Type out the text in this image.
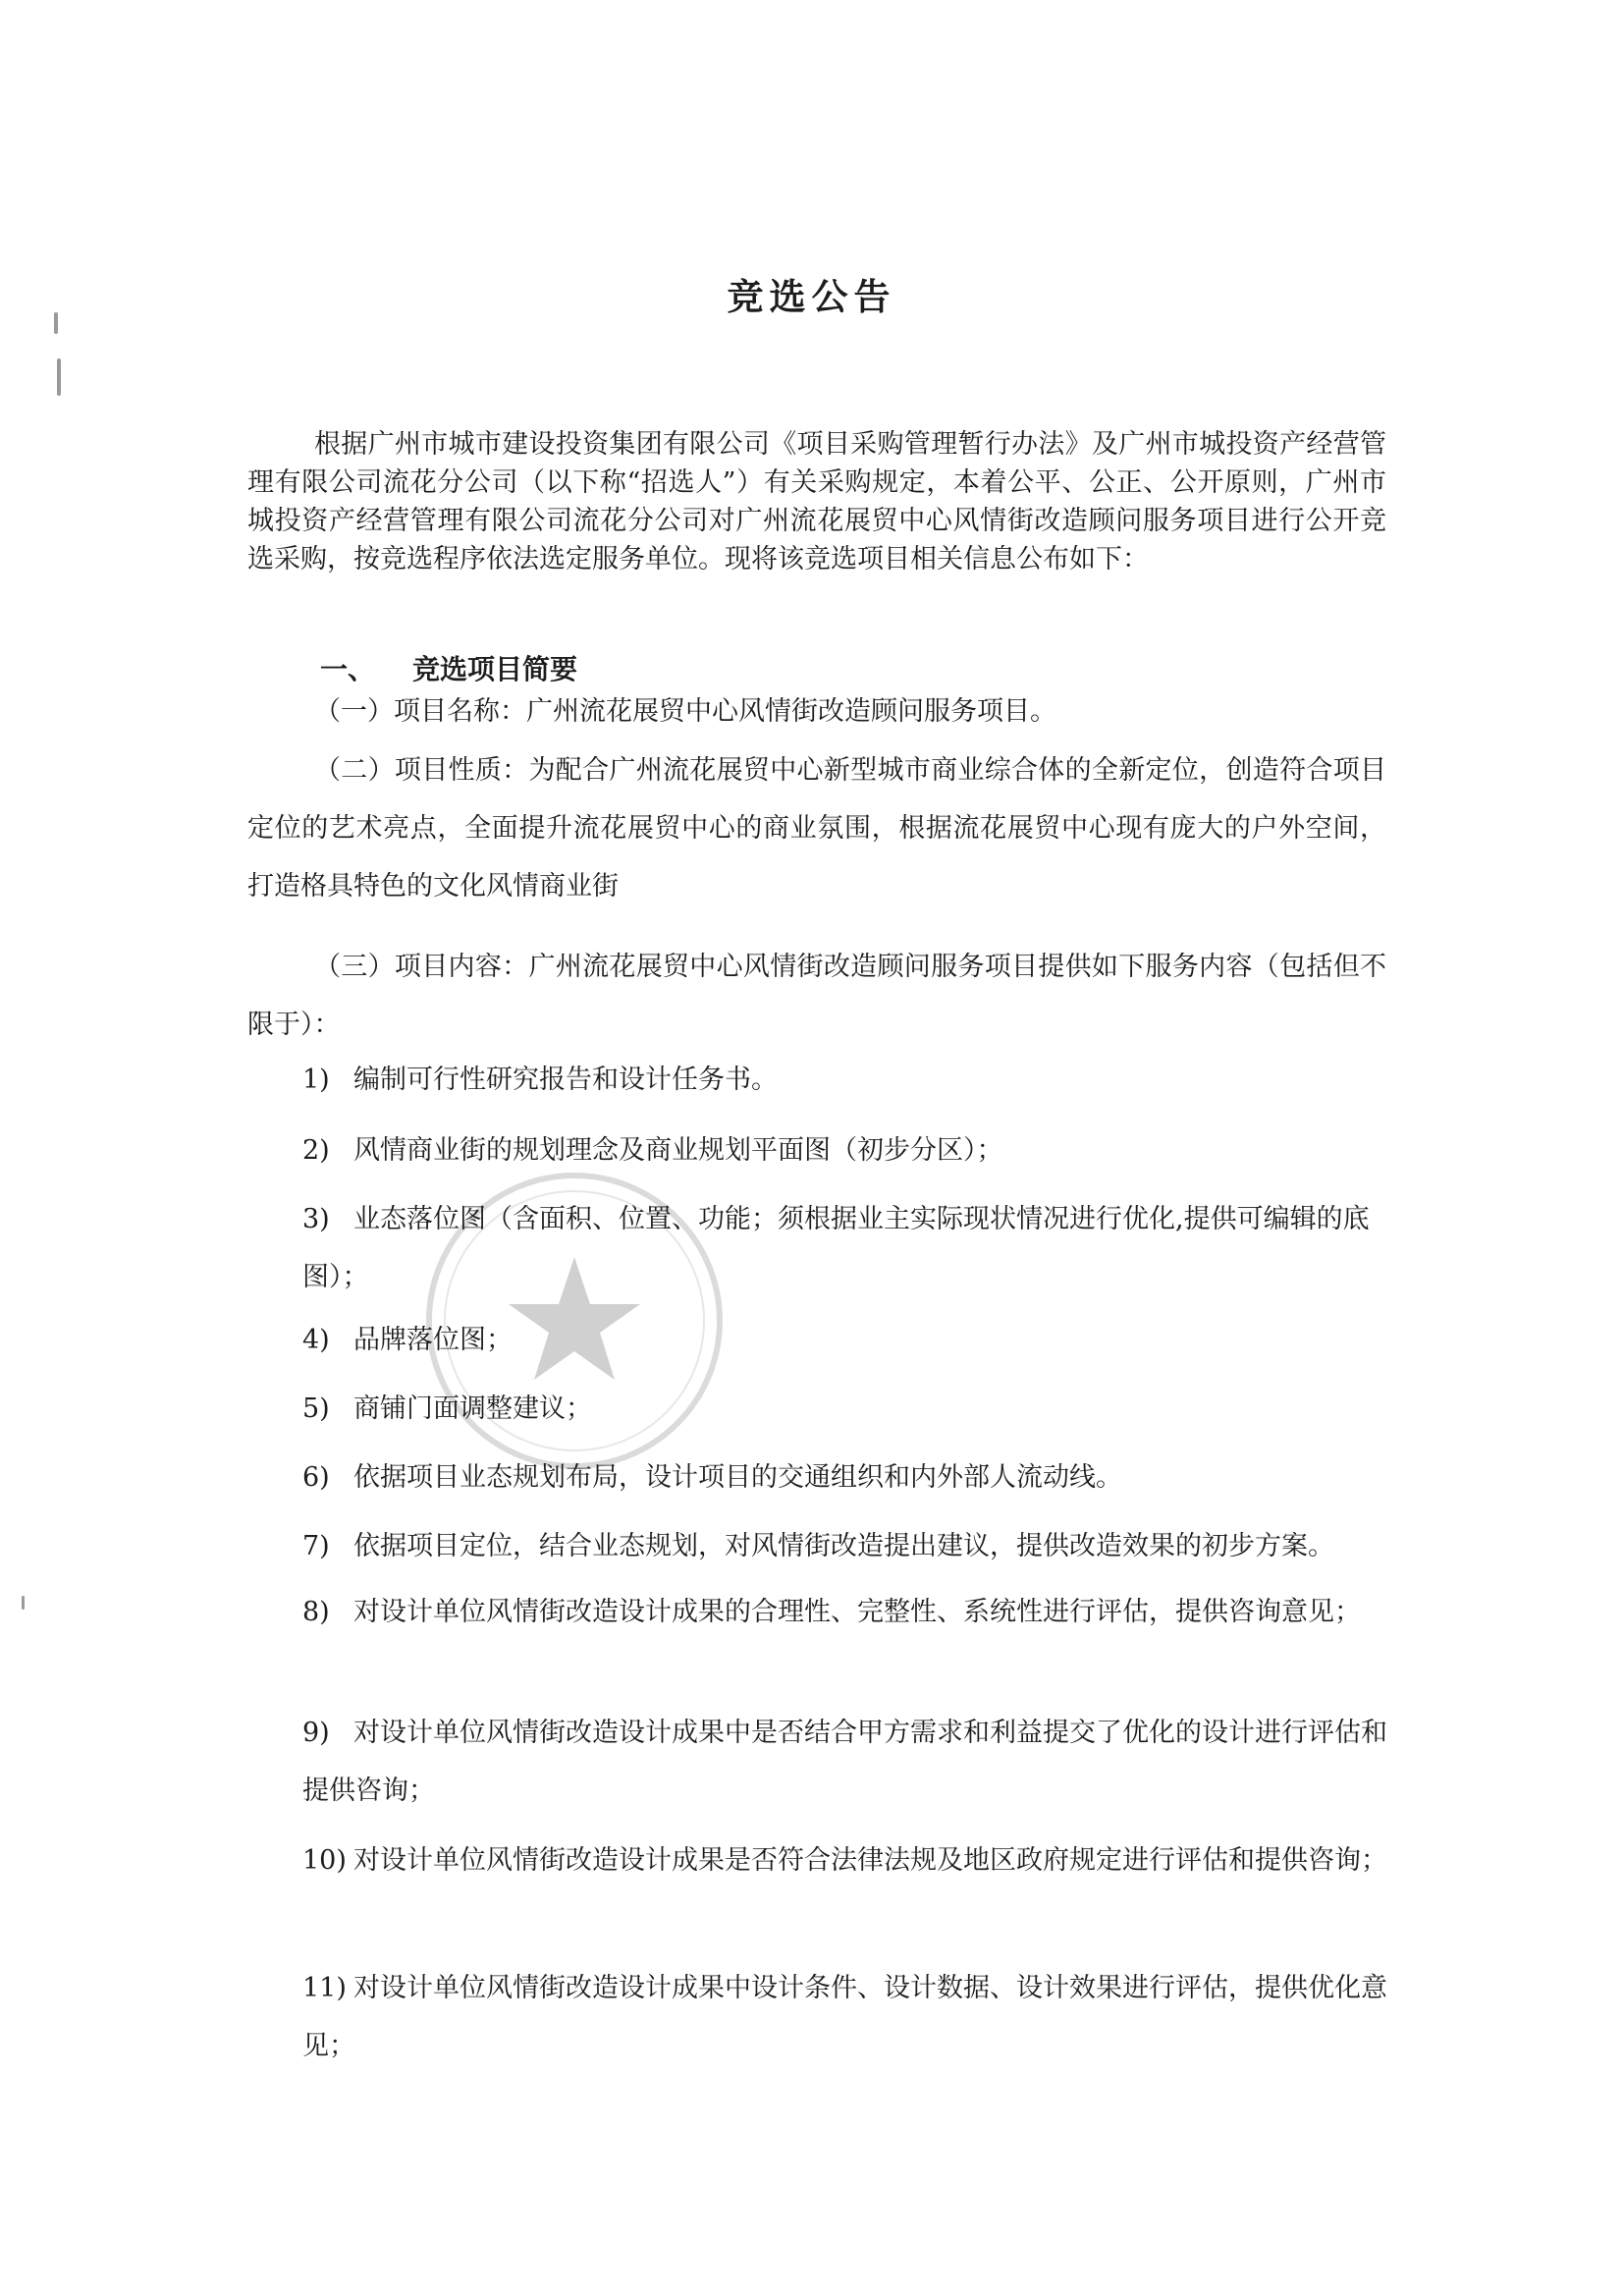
竞选公告
根据广州市城市建设投资集团有限公司《项目采购管理暂行办法》及广州市城投资产经营管理有限公司流花分公司（以下称“招选人”）有关采购规定，本着公平、公正、公开原则，广州市城投资产经营管理有限公司流花分公司对广州流花展贸中心风情街改造顾问服务项目进行公开竞选采购，按竞选程序依法选定服务单位。现将该竞选项目相关信息公布如下：
一、 竞选项目简要
（一）项目名称：广州流花展贸中心风情街改造顾问服务项目。
（二）项目性质：为配合广州流花展贸中心新型城市商业综合体的全新定位，创造符合项目定位的艺术亮点，全面提升流花展贸中心的商业氛围，根据流花展贸中心现有庞大的户外空间，打造格具特色的文化风情商业街
（三）项目内容：广州流花展贸中心风情街改造顾问服务项目提供如下服务内容（包括但不限于）：
1) 编制可行性研究报告和设计任务书。
2) 风情商业街的规划理念及商业规划平面图（初步分区）；
3) 业态落位图（含面积、位置、功能；须根据业主实际现状情况进行优化,提供可编辑的底图）；
4) 品牌落位图；
5) 商铺门面调整建议；
6) 依据项目业态规划布局，设计项目的交通组织和内外部人流动线。
7) 依据项目定位，结合业态规划，对风情街改造提出建议，提供改造效果的初步方案。
8) 对设计单位风情街改造设计成果的合理性、完整性、系统性进行评估，提供咨询意见；
9) 对设计单位风情街改造设计成果中是否结合甲方需求和利益提交了优化的设计进行评估和提供咨询；
10) 对设计单位风情街改造设计成果是否符合法律法规及地区政府规定进行评估和提供咨询；
11) 对设计单位风情街改造设计成果中设计条件、设计数据、设计效果进行评估，提供优化意见；
